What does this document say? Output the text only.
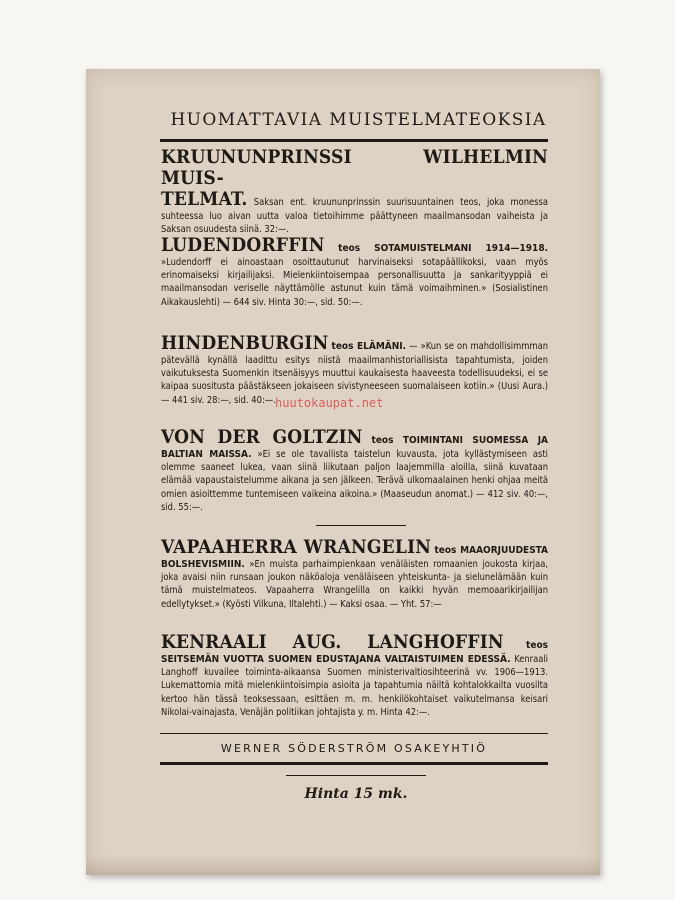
HUOMATTAVIA MUISTELMATEOKSIA
KRUUNUNPRINSSI WILHELMIN MUIS-
TELMAT. Saksan ent. kruununprinssin suurisuuntainen teos, joka monessa suhteessa luo aivan uutta valoa tietoihimme päättyneen maailmansodan vaiheista ja Saksan osuudesta siinä. 32:—.
LUDENDORFFIN teos SOTAMUISTELMANI 1914—1918. »Ludendorff ei ainoastaan osoittautunut harvinaiseksi sotapäällikoksi, vaan myös erinomaiseksi kirjailijaksi. Mielenkiintoisempaa personallisuutta ja sankarityyppiä ei maailmansodan veriselle näyttämölle astunut kuin tämä voimaihminen.» (Sosialistinen Aikakauslehti) — 644 siv. Hinta 30:—, sid. 50:—.
HINDENBURGIN teos ELÄMÄNI. — »Kun se on mahdollisimmman pätevällä kynällä laadittu esitys niistä maailmanhistoriallisista tapahtumista, joiden vaikutuksesta Suomenkin itsenäisyys muuttui kaukaisesta haaveesta todellisuudeksi, ei se kaipaa suositusta päästäkseen jokaiseen sivistyneeseen suomalaiseen kotiin.» (Uusi Aura.) — 441 siv. 28:—, sid. 40:—.
VON DER GOLTZIN teos TOIMINTANI SUOMESSA JA BALTIAN MAISSA. »Ei se ole tavallista taistelun kuvausta, jota kyllästymiseen asti olemme saaneet lukea, vaan siinä liikutaan paljon laajemmilla aloilla, siinä kuvataan elämää vapaustaistelumme aikana ja sen jälkeen. Terävä ulkomaalainen henki ohjaa meitä omien asioittemme tuntemiseen vaikeina aikoina.» (Maaseudun anomat.) — 412 siv. 40:—, sid. 55:—.
VAPAAHERRA WRANGELIN teos MAAORJUUDESTA BOLSHEVISMIIN. »En muista parhaimpienkaan venäläisten romaanien joukosta kirjaa, joka avaisi niin runsaan joukon näköaloja venäläiseen yhteiskunta- ja sielunelämään kuin tämä muistelmateos. Vapaaherra Wrangelilla on kaikki hyvän memoaarikirjailijan edellytykset.» (Kyösti Vilkuna, Iltalehti.) — Kaksi osaa. — Yht. 57:—
KENRAALI AUG. LANGHOFFIN teos SEITSEMÄN VUOTTA SUOMEN EDUSTAJANA VALTAISTUIMEN EDESSÄ. Kenraali Langhoff kuvailee toiminta-aikaansa Suomen ministerivaltiosihteerinä vv. 1906—1913. Lukemattomia mitä mielenkiintoisimpia asioita ja tapahtumia näiltä kohtalokkailta vuosilta kertoo hän tässä teoksessaan, esittäen m. m. henkilökohtaiset vaikutelmansa keisari Nikolai-vainajasta, Venäjän politiikan johtajista y. m. Hinta 42:—.
WERNER SÖDERSTRÖM OSAKEYHTIÖ
Hinta 15 mk.
huutokaupat.net
